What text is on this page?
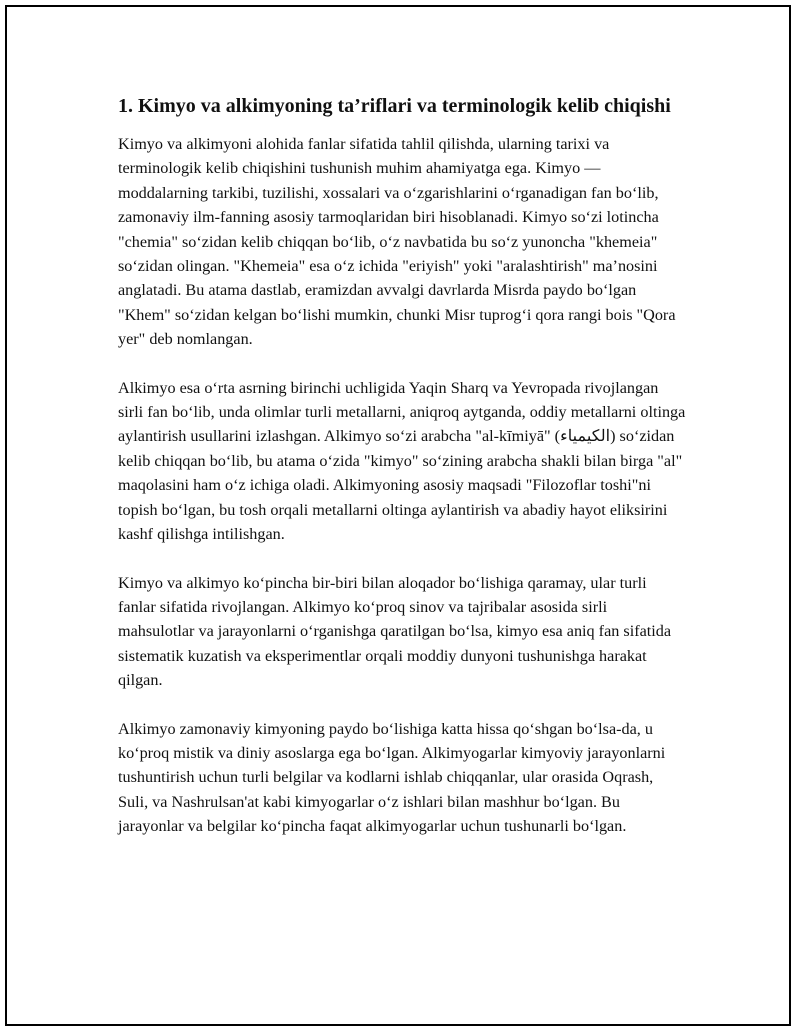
1. Kimyo va alkimyoning ta’riflari va terminologik kelib chiqishi

Kimyo va alkimyoni alohida fanlar sifatida tahlil qilishda, ularning tarixi va terminologik kelib chiqishini tushunish muhim ahamiyatga ega. Kimyo — moddalarning tarkibi, tuzilishi, xossalari va o‘zgarishlarini o‘rganadigan fan bo‘lib, zamonaviy ilm-fanning asosiy tarmoqlaridan biri hisoblanadi. Kimyo so‘zi lotincha "chemia" so‘zidan kelib chiqqan bo‘lib, o‘z navbatida bu so‘z yunoncha "khemeia" so‘zidan olingan. "Khemeia" esa o‘z ichida "eriyish" yoki "aralashtirish" ma’nosini anglatadi. Bu atama dastlab, eramizdan avvalgi davrlarda Misrda paydo bo‘lgan "Khem" so‘zidan kelgan bo‘lishi mumkin, chunki Misr tuprog‘i qora rangi bois "Qora yer" deb nomlangan.

Alkimyo esa o‘rta asrning birinchi uchligida Yaqin Sharq va Yevropada rivojlangan sirli fan bo‘lib, unda olimlar turli metallarni, aniqroq aytganda, oddiy metallarni oltinga aylantirish usullarini izlashgan. Alkimyo so‘zi arabcha "al-kīmiyā" (الكيمياء) so‘zidan kelib chiqqan bo‘lib, bu atama o‘zida "kimyo" so‘zining arabcha shakli bilan birga "al" maqolasini ham o‘z ichiga oladi. Alkimyoning asosiy maqsadi "Filozoflar toshi"ni topish bo‘lgan, bu tosh orqali metallarni oltinga aylantirish va abadiy hayot eliksirini kashf qilishga intilishgan.

Kimyo va alkimyo ko‘pincha bir-biri bilan aloqador bo‘lishiga qaramay, ular turli fanlar sifatida rivojlangan. Alkimyo ko‘proq sinov va tajribalar asosida sirli mahsulotlar va jarayonlarni o‘rganishga qaratilgan bo‘lsa, kimyo esa aniq fan sifatida sistematik kuzatish va eksperimentlar orqali moddiy dunyoni tushunishga harakat qilgan.

Alkimyo zamonaviy kimyoning paydo bo‘lishiga katta hissa qo‘shgan bo‘lsa-da, u ko‘proq mistik va diniy asoslarga ega bo‘lgan. Alkimyogarlar kimyoviy jarayonlarni tushuntirish uchun turli belgilar va kodlarni ishlab chiqqanlar, ular orasida Oqrash, Suli, va Nashrulsan'at kabi kimyogarlar o‘z ishlari bilan mashhur bo‘lgan. Bu jarayonlar va belgilar ko‘pincha faqat alkimyogarlar uchun tushunarli bo‘lgan.
